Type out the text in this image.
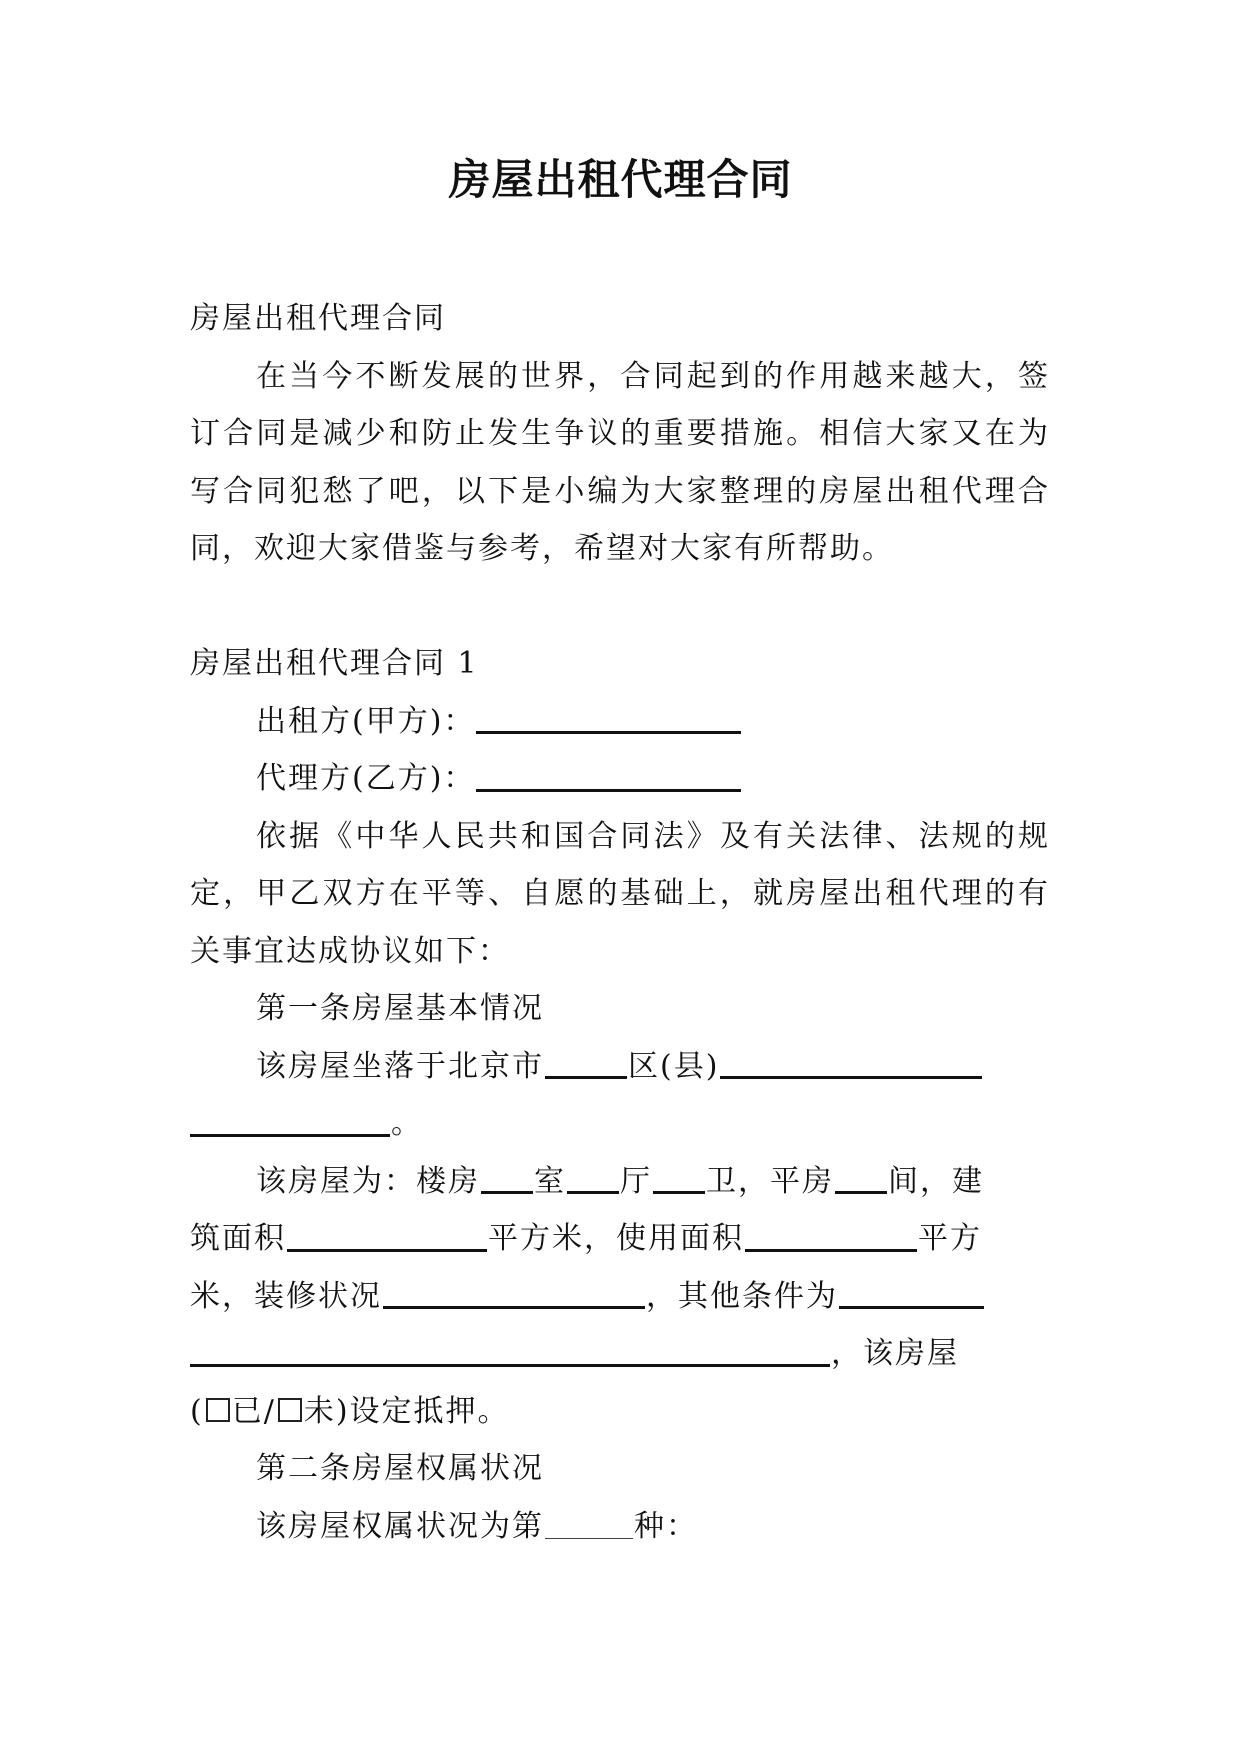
房屋出租代理合同

房屋出租代理合同

在当今不断发展的世界，合同起到的作用越来越大，签订合同是减少和防止发生争议的重要措施。相信大家又在为写合同犯愁了吧，以下是小编为大家整理的房屋出租代理合同，欢迎大家借鉴与参考，希望对大家有所帮助。

房屋出租代理合同 1

出租方(甲方)：

代理方(乙方)：

依据《中华人民共和国合同法》及有关法律、法规的规定，甲乙双方在平等、自愿的基础上，就房屋出租代理的有关事宜达成协议如下：

第一条房屋基本情况

该房屋坐落于北京市	区(县)
。

该房屋为：楼房 室 厅 卫，平房 间，建
筑面积	平方米，使用面积	平方
米，装修状况	，其他条件为
，该房屋
( 已/ 未)设定抵押。

第二条房屋权属状况

该房屋权属状况为第	种：
